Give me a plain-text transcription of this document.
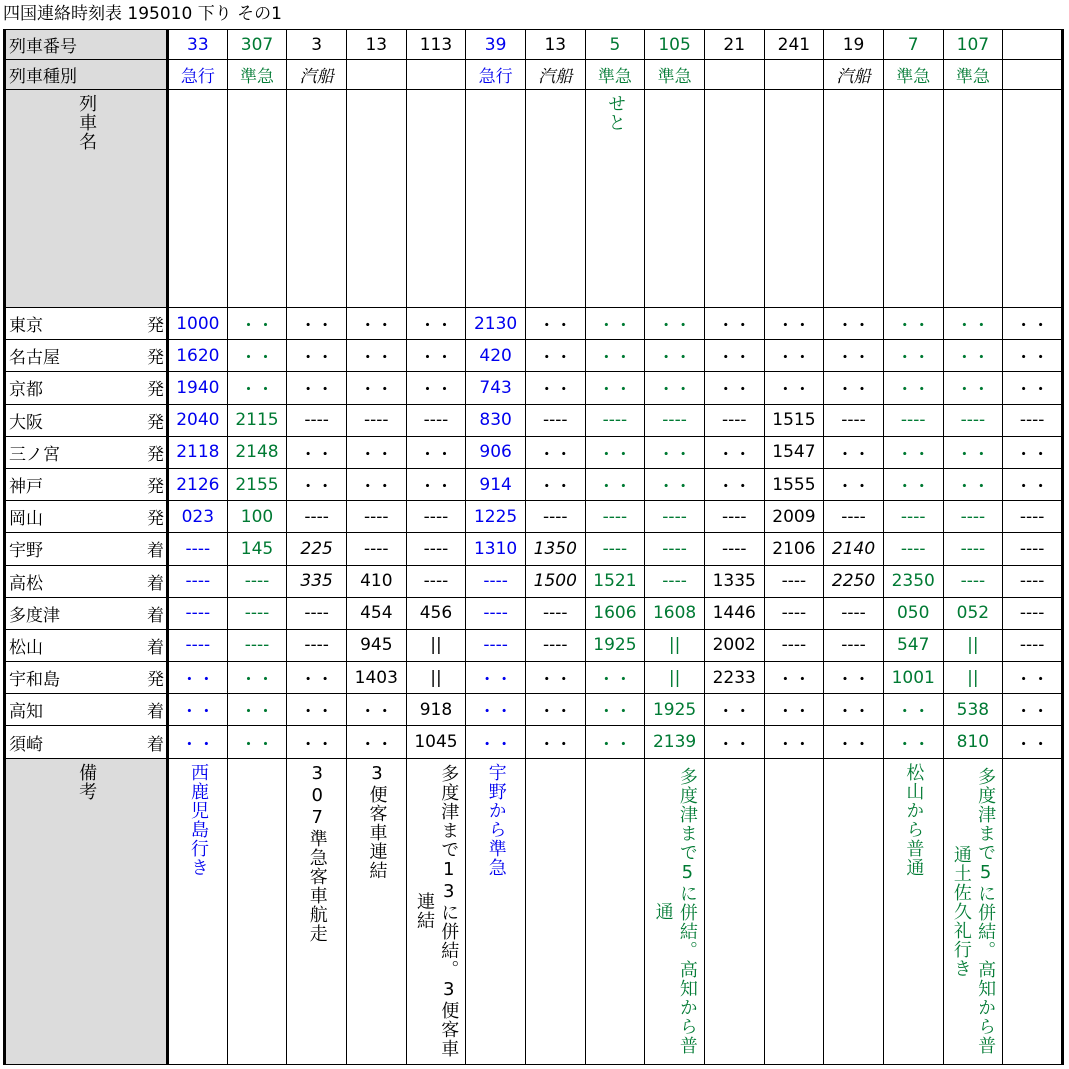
四国連絡時刻表 195010 下り その1
列車番号	33	307	3	13	113	39	13	5	105	21	241	19	7	107	
列車種別	急行	準急	汽船			急行	汽船	準急	準急			汽船	準急	準急	

列車名								せと							

東京 発	1000	・・	・・	・・	・・	2130	・・	・・	・・	・・	・・	・・	・・	・・	・・

名古屋 発	1620	・・	・・	・・	・・	420	・・	・・	・・	・・	・・	・・	・・	・・	・・

京都 発	1940	・・	・・	・・	・・	743	・・	・・	・・	・・	・・	・・	・・	・・	・・

大阪 発	2040	2115	----	----	----	830	----	----	----	----	1515	----	----	----	----

三ノ宮 発	2118	2148	・・	・・	・・	906	・・	・・	・・	・・	1547	・・	・・	・・	・・

神戸 発	2126	2155	・・	・・	・・	914	・・	・・	・・	・・	1555	・・	・・	・・	・・

岡山 発	023	100	----	----	----	1225	----	----	----	----	2009	----	----	----	----

宇野 着	----	145	225	----	----	1310	1350	----	----	----	2106	2140	----	----	----

高松 着	----	----	335	410	----	----	1500	1521	----	1335	----	2250	2350	----	----

多度津 着	----	----	----	454	456	----	----	1606	1608	1446	----	----	050	052	----

松山 着	----	----	----	945	||	----	----	1925	||	2002	----	----	547	||	----

宇和島 発	・・	・・	・・	1403	||	・・	・・	・・	||	2233	・・	・・	1001	||	・・

高知 着	・・	・・	・・	・・	918	・・	・・	・・	1925	・・	・・	・・	・・	538	・・

須崎 着	・・	・・	・・	・・	1045	・・	・・	・・	2139	・・	・・	・・	・・	810	・・

備考	西鹿児島行き		307準急客車航走	3便客車連結	多度津まで13に併結。3便客車連結	宇野から準急			多度津まで5に併結。高知から普通				松山から普通	多度津まで5に併結。高知から普通土佐久礼行き	
